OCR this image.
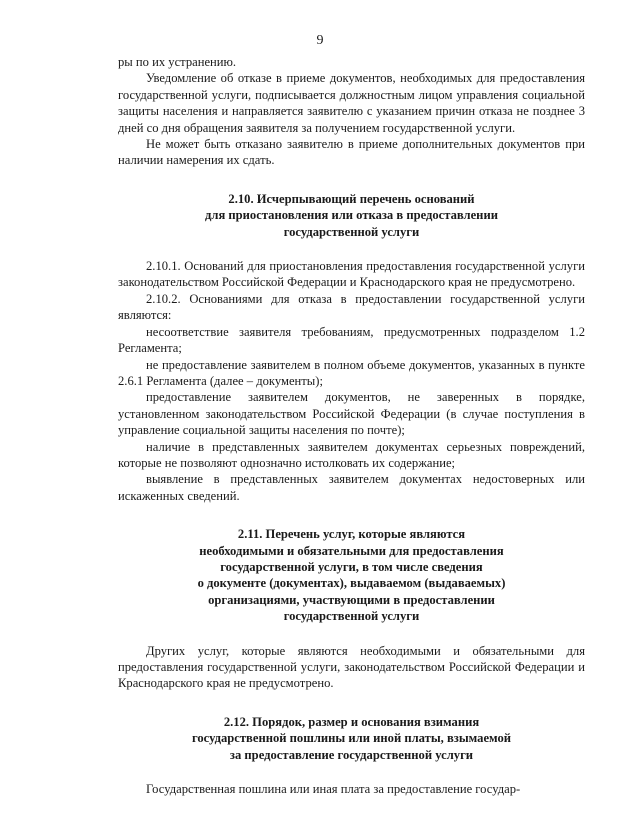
9

ры по их устранению.

Уведомление об отказе в приеме документов, необходимых для предоставления государственной услуги, подписывается должностным лицом управления социальной защиты населения и направляется заявителю с указанием причин отказа не позднее 3 дней со дня обращения заявителя за получением государственной услуги.

Не может быть отказано заявителю в приеме дополнительных документов при наличии намерения их сдать.

2.10. Исчерпывающий перечень оснований
для приостановления или отказа в предоставлении
государственной услуги

2.10.1. Оснований для приостановления предоставления государственной услуги законодательством Российской Федерации и Краснодарского края не предусмотрено.

2.10.2. Основаниями для отказа в предоставлении государственной услуги являются:

несоответствие заявителя требованиям, предусмотренных подразделом 1.2 Регламента;

не предоставление заявителем в полном объеме документов, указанных в пункте 2.6.1 Регламента (далее – документы);

предоставление заявителем документов, не заверенных в порядке, установленном законодательством Российской Федерации (в случае поступления в управление социальной защиты населения по почте);

наличие в представленных заявителем документах серьезных повреждений, которые не позволяют однозначно истолковать их содержание;

выявление в представленных заявителем документах недостоверных или искаженных сведений.

2.11. Перечень услуг, которые являются
необходимыми и обязательными для предоставления
государственной услуги, в том числе сведения
о документе (документах), выдаваемом (выдаваемых)
организациями, участвующими в предоставлении
государственной услуги

Других услуг, которые являются необходимыми и обязательными для предоставления государственной услуги, законодательством Российской Федерации и Краснодарского края не предусмотрено.

2.12. Порядок, размер и основания взимания
государственной пошлины или иной платы, взымаемой
за предоставление государственной услуги

Государственная пошлина или иная плата за предоставление государ-
